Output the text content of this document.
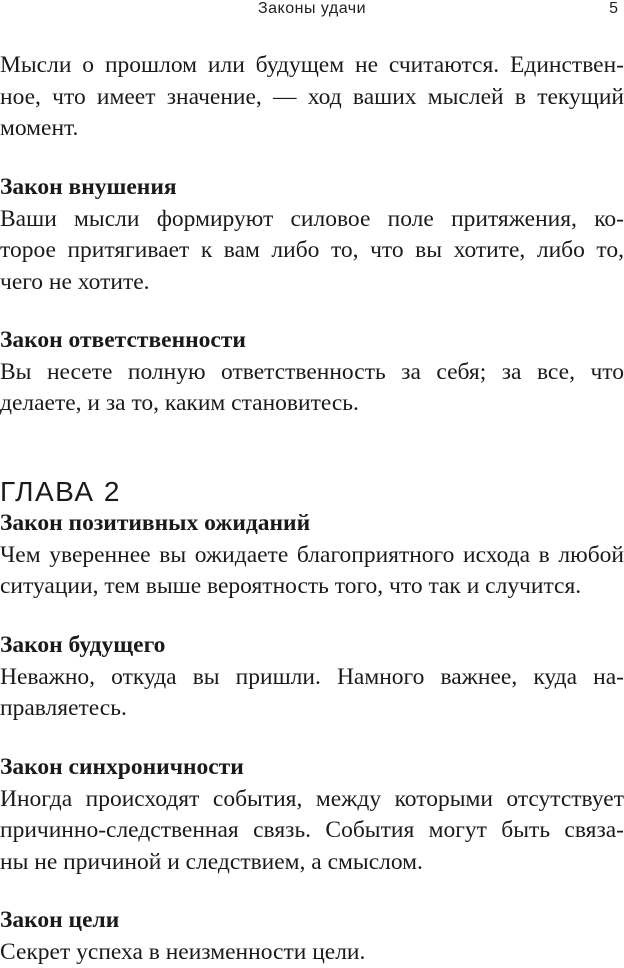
Законы удачи	5
Мысли о прошлом или будущем не считаются. Единствен-
ное, что имеет значение, — ход ваших мыслей в текущий
момент.
Закон внушения
Ваши мысли формируют силовое поле притяжения, ко-
торое притягивает к вам либо то, что вы хотите, либо то,
чего не хотите.
Закон ответственности
Вы несете полную ответственность за себя; за все, что
делаете, и за то, каким становитесь.
ГЛАВА 2
Закон позитивных ожиданий
Чем увереннее вы ожидаете благоприятного исхода в любой
ситуации, тем выше вероятность того, что так и случится.
Закон будущего
Неважно, откуда вы пришли. Намного важнее, куда на-
правляетесь.
Закон синхроничности
Иногда происходят события, между которыми отсутствует
причинно-следственная связь. События могут быть связа-
ны не причиной и следствием, а смыслом.
Закон цели
Секрет успеха в неизменности цели.
